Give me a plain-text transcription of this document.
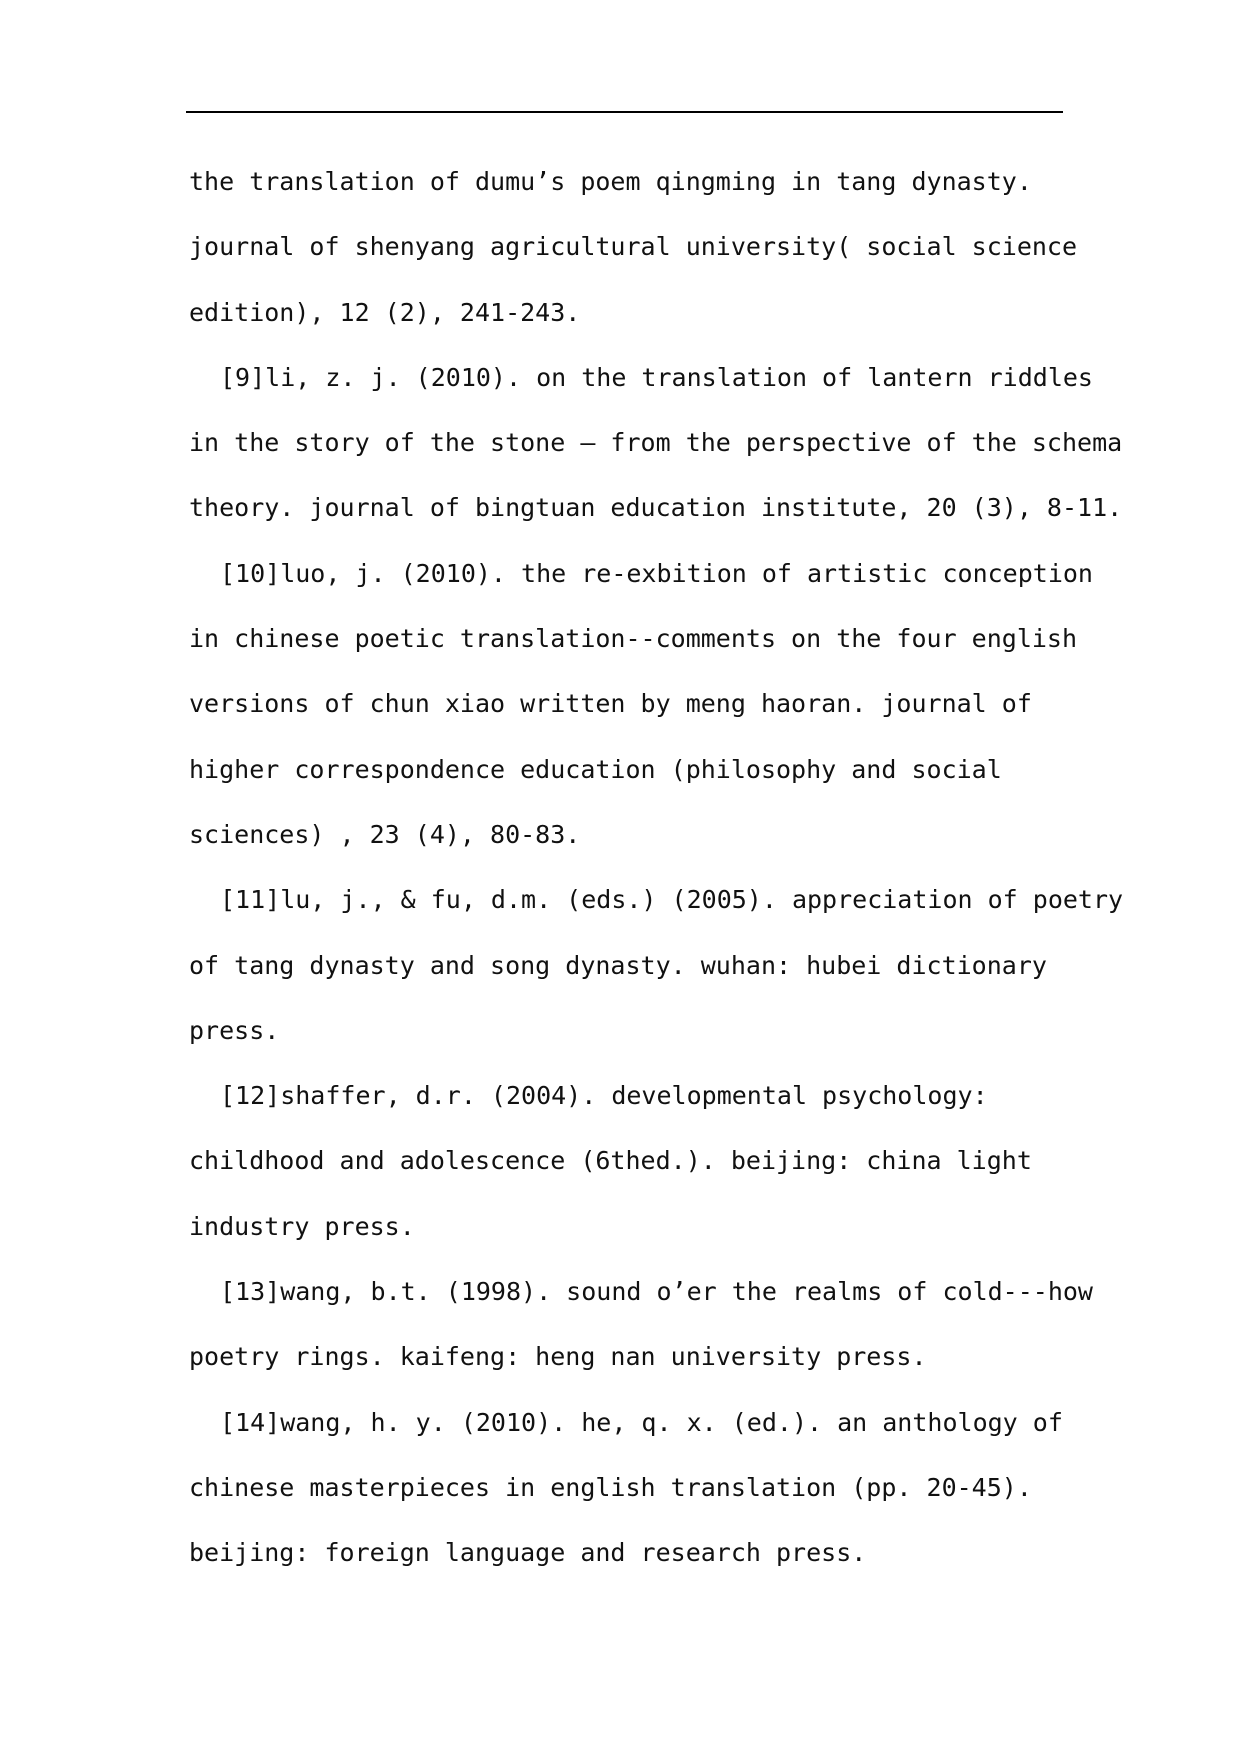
the translation of dumu’s poem qingming in tang dynasty.
journal of shenyang agricultural university( social science
edition), 12 (2), 241-243.
[9]li, z. j. (2010). on the translation of lantern riddles
in the story of the stone – from the perspective of the schema
theory. journal of bingtuan education institute, 20 (3), 8-11.
[10]luo, j. (2010). the re-exbition of artistic conception
in chinese poetic translation--comments on the four english
versions of chun xiao written by meng haoran. journal of
higher correspondence education (philosophy and social
sciences) , 23 (4), 80-83.
[11]lu, j., & fu, d.m. (eds.) (2005). appreciation of poetry
of tang dynasty and song dynasty. wuhan: hubei dictionary
press.
[12]shaffer, d.r. (2004). developmental psychology:
childhood and adolescence (6thed.). beijing: china light
industry press.
[13]wang, b.t. (1998). sound o’er the realms of cold---how
poetry rings. kaifeng: heng nan university press.
[14]wang, h. y. (2010). he, q. x. (ed.). an anthology of
chinese masterpieces in english translation (pp. 20-45).
beijing: foreign language and research press.
